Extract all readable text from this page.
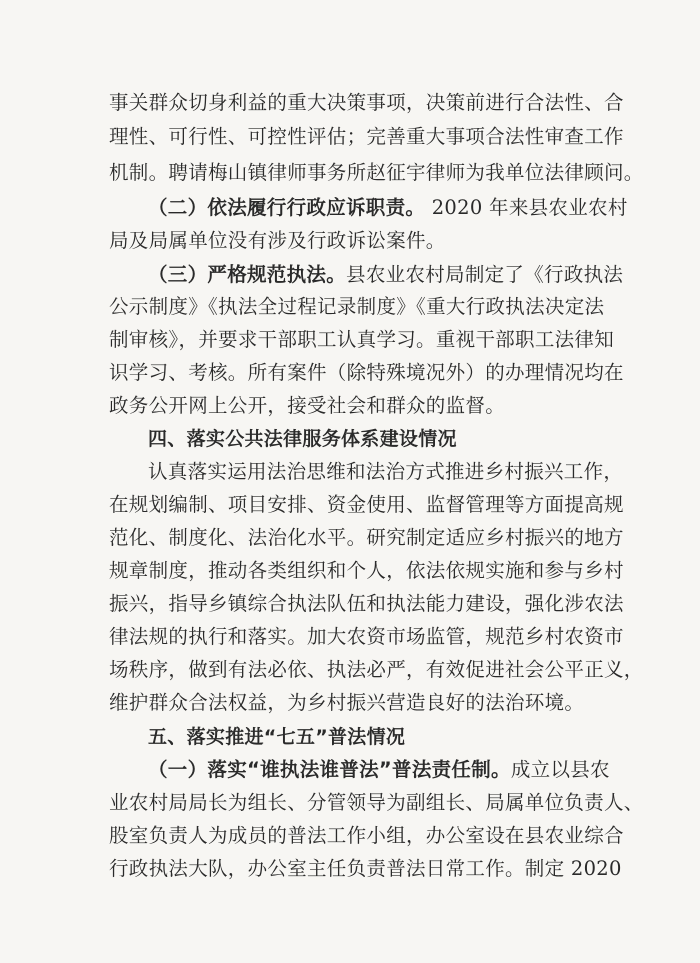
事关群众切身利益的重大决策事项，决策前进行合法性、合
理性、可行性、可控性评估；完善重大事项合法性审查工作
机制。聘请梅山镇律师事务所赵征宇律师为我单位法律顾问。
（二）依法履行行政应诉职责。 2020 年来县农业农村
局及局属单位没有涉及行政诉讼案件。
（三）严格规范执法。县农业农村局制定了《行政执法
公示制度》《执法全过程记录制度》《重大行政执法决定法
制审核》，并要求干部职工认真学习。重视干部职工法律知
识学习、考核。所有案件（除特殊境况外）的办理情况均在
政务公开网上公开，接受社会和群众的监督。
四、落实公共法律服务体系建设情况
认真落实运用法治思维和法治方式推进乡村振兴工作，
在规划编制、项目安排、资金使用、监督管理等方面提高规
范化、制度化、法治化水平。研究制定适应乡村振兴的地方
规章制度，推动各类组织和个人，依法依规实施和参与乡村
振兴，指导乡镇综合执法队伍和执法能力建设，强化涉农法
律法规的执行和落实。加大农资市场监管，规范乡村农资市
场秩序，做到有法必依、执法必严，有效促进社会公平正义，
维护群众合法权益，为乡村振兴营造良好的法治环境。
五、落实推进“七五”普法情况
（一）落实“谁执法谁普法”普法责任制。成立以县农
业农村局局长为组长、分管领导为副组长、局属单位负责人、
股室负责人为成员的普法工作小组，办公室设在县农业综合
行政执法大队，办公室主任负责普法日常工作。制定 2020
